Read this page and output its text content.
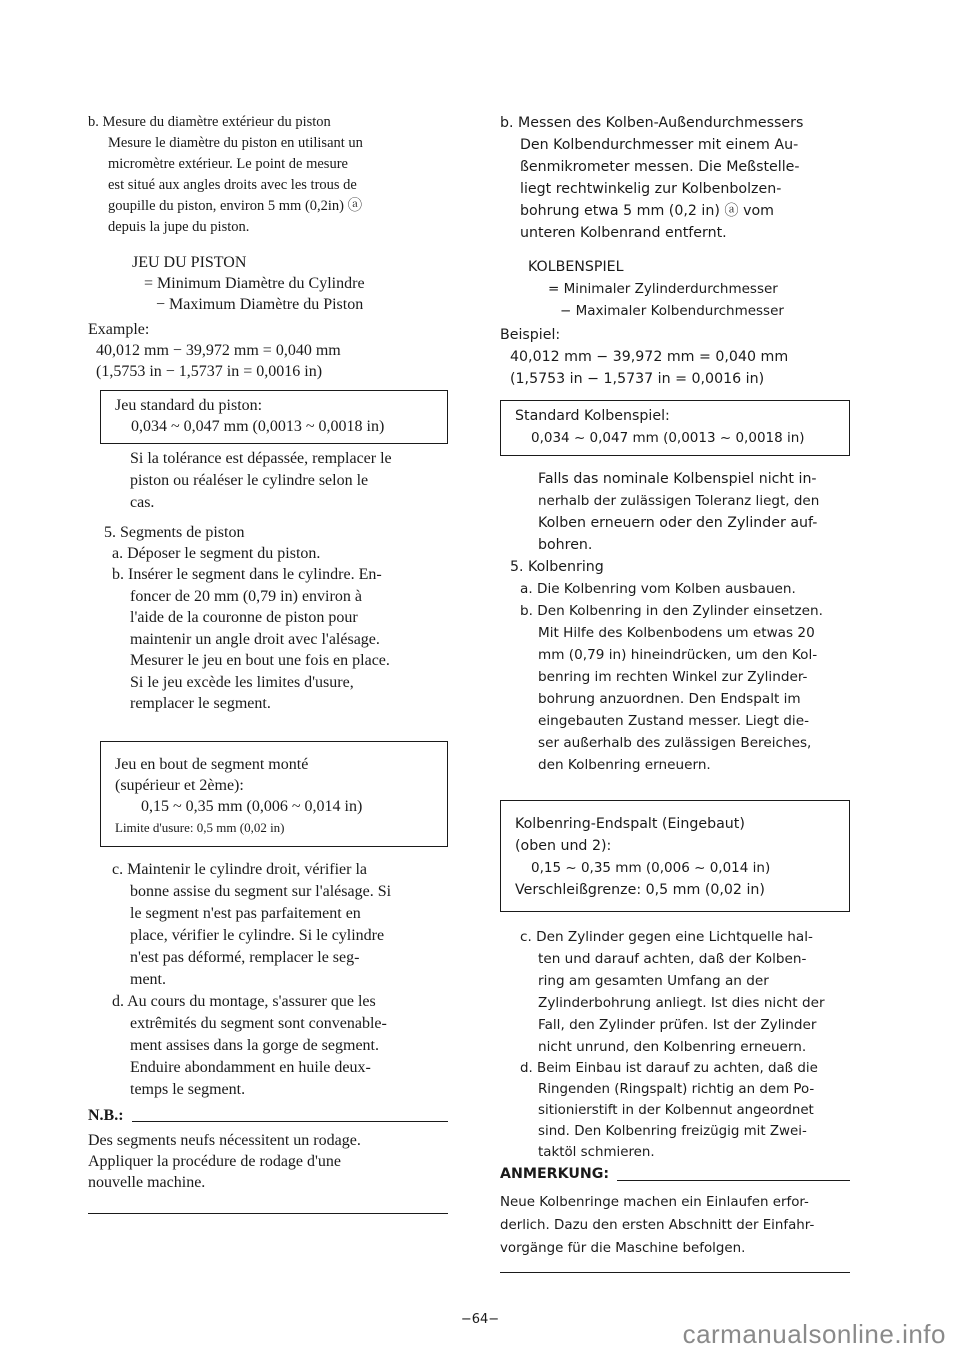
b. Mesure du diamètre extérieur du piston

Mesure le diamètre du piston en utilisant un
micromètre extérieur. Le point de mesure
est situé aux angles droits avec les trous de
goupille du piston, environ 5 mm (0,2in) ⓐ
depuis la jupe du piston.

JEU DU PISTON

= Minimum Diamètre du Cylindre

− Maximum Diamètre du Piston

Example:

40,012 mm − 39,972 mm = 0,040 mm

(1,5753 in − 1,5737 in = 0,0016 in)

Jeu standard du piston:
0,034 ~ 0,047 mm (0,0013 ~ 0,0018 in)
Si la tolérance est dépassée, remplacer le
piston ou réaléser le cylindre selon le
cas.

5. Segments de piston

a. Déposer le segment du piston.

b. Insérer le segment dans le cylindre. En-
foncer de 20 mm (0,79 in) environ à
l'aide de la couronne de piston pour
maintenir un angle droit avec l'alésage.
Mesurer le jeu en bout une fois en place.
Si le jeu excède les limites d'usure,
remplacer le segment.
Jeu en bout de segment monté
(supérieur et 2ème):
0,15 ~ 0,35 mm (0,006 ~ 0,014 in)
Limite d'usure: 0,5 mm (0,02 in)
c. Maintenir le cylindre droit, vérifier la
bonne assise du segment sur l'alésage. Si
le segment n'est pas parfaitement en
place, vérifier le cylindre. Si le cylindre
n'est pas déformé, remplacer le seg-
ment.
d. Au cours du montage, s'assurer que les
extrêmités du segment sont convenable-
ment assises dans la gorge de segment.
Enduire abondamment en huile deux-
temps le segment.
N.B.:
Des segments neufs nécessitent un rodage.
Appliquer la procédure de rodage d'une
nouvelle machine.

b. Messen des Kolben-Außendurchmessers

Den Kolbendurchmesser mit einem Au-
ßenmikrometer messen. Die Meßstelle-
liegt rechtwinkelig zur Kolbenbolzen-
bohrung etwa 5 mm (0,2 in) ⓐ vom
unteren Kolbenrand entfernt.

KOLBENSPIEL

= Minimaler Zylinderdurchmesser

− Maximaler Kolbendurchmesser

Beispiel:

40,012 mm − 39,972 mm = 0,040 mm

(1,5753 in − 1,5737 in = 0,0016 in)

Standard Kolbenspiel:
0,034 ~ 0,047 mm (0,0013 ~ 0,0018 in)
Falls das nominale Kolbenspiel nicht in-
nerhalb der zulässigen Toleranz liegt, den
Kolben erneuern oder den Zylinder auf-
bohren.

5. Kolbenring

a. Die Kolbenring vom Kolben ausbauen.

b. Den Kolbenring in den Zylinder einsetzen.
Mit Hilfe des Kolbenbodens um etwas 20
mm (0,79 in) hineindrücken, um den Kol-
benring im rechten Winkel zur Zylinder-
bohrung anzuordnen. Den Endspalt im
eingebauten Zustand messer. Liegt die-
ser außerhalb des zulässigen Bereiches,
den Kolbenring erneuern.
Kolbenring-Endspalt (Eingebaut)
(oben und 2):
0,15 ~ 0,35 mm (0,006 ~ 0,014 in)
Verschleißgrenze: 0,5 mm (0,02 in)
c. Den Zylinder gegen eine Lichtquelle hal-
ten und darauf achten, daß der Kolben-
ring am gesamten Umfang an der
Zylinderbohrung anliegt. Ist dies nicht der
Fall, den Zylinder prüfen. Ist der Zylinder
nicht unrund, den Kolbenring erneuern.
d. Beim Einbau ist darauf zu achten, daß die
Ringenden (Ringspalt) richtig an dem Po-
sitionierstift in der Kolbennut angeordnet
sind. Den Kolbenring freizügig mit Zwei-
taktöl schmieren.
ANMERKUNG:
Neue Kolbenringe machen ein Einlaufen erfor-
derlich. Dazu den ersten Abschnitt der Einfahr-
vorgänge für die Maschine befolgen.
−64−	carmanualsonline.info
